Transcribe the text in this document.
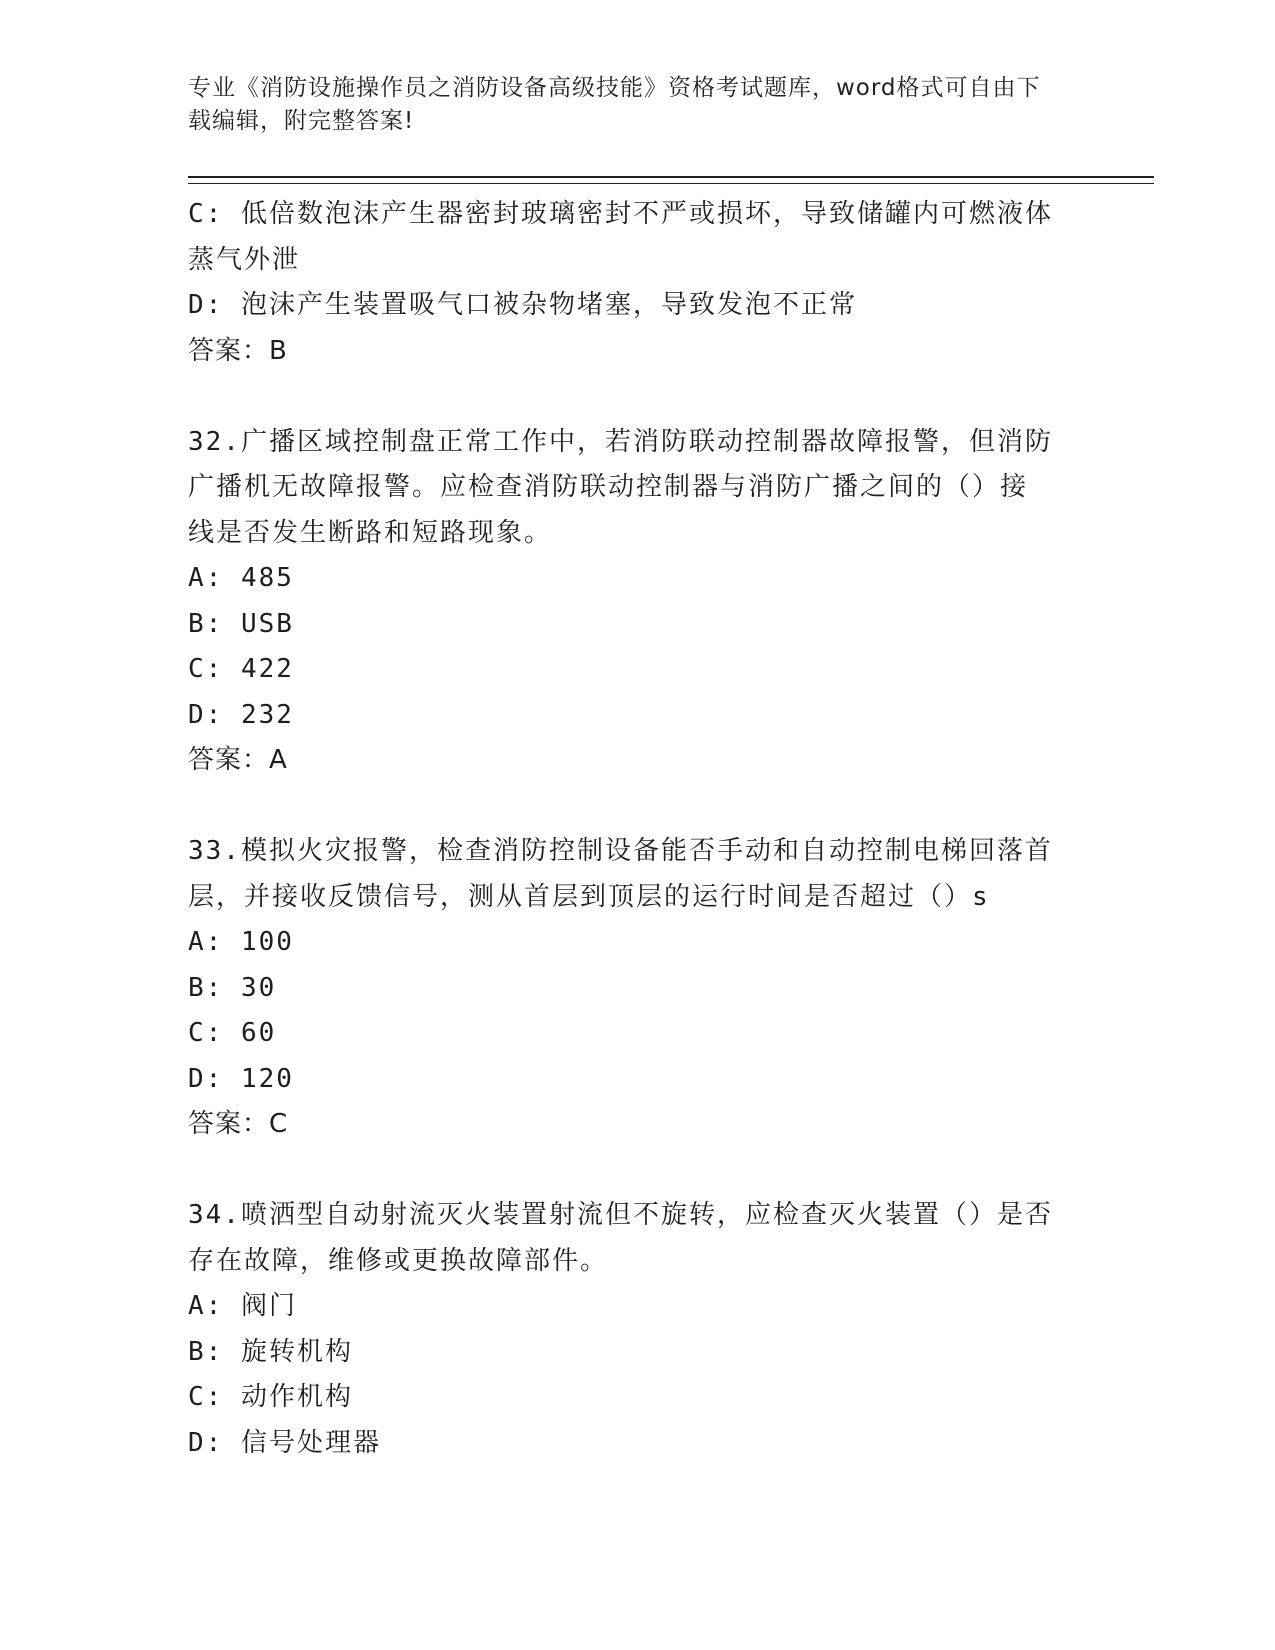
专业《消防设施操作员之消防设备高级技能》资格考试题库，word格式可自由下
载编辑，附完整答案!
C: 低倍数泡沫产生器密封玻璃密封不严或损坏，导致储罐内可燃液体
蒸气外泄
D: 泡沫产生装置吸气口被杂物堵塞，导致发泡不正常
答案：B
32.广播区域控制盘正常工作中，若消防联动控制器故障报警，但消防
广播机无故障报警。应检查消防联动控制器与消防广播之间的（）接
线是否发生断路和短路现象。
A: 485
B: USB
C: 422
D: 232
答案：A
33.模拟火灾报警，检查消防控制设备能否手动和自动控制电梯回落首
层，并接收反馈信号，测从首层到顶层的运行时间是否超过（）s
A: 100
B: 30
C: 60
D: 120
答案：C
34.喷洒型自动射流灭火装置射流但不旋转，应检查灭火装置（）是否
存在故障，维修或更换故障部件。
A: 阀门
B: 旋转机构
C: 动作机构
D: 信号处理器
